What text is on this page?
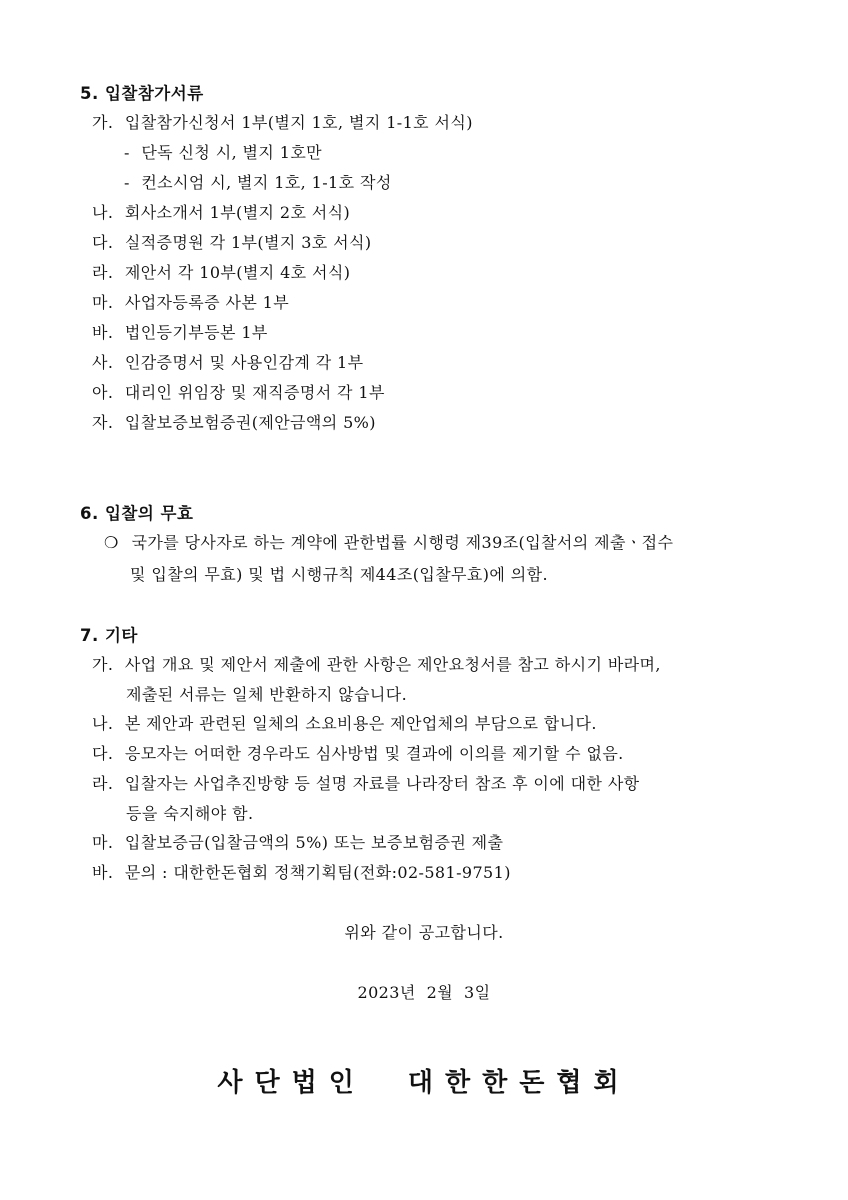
5. 입찰참가서류
가. 입찰참가신청서 1부(별지 1호, 별지 1-1호 서식)
- 단독 신청 시, 별지 1호만
- 컨소시엄 시, 별지 1호, 1-1호 작성
나. 회사소개서 1부(별지 2호 서식)
다. 실적증명원 각 1부(별지 3호 서식)
라. 제안서 각 10부(별지 4호 서식)
마. 사업자등록증 사본 1부
바. 법인등기부등본 1부
사. 인감증명서 및 사용인감계 각 1부
아. 대리인 위임장 및 재직증명서 각 1부
자. 입찰보증보험증권(제안금액의 5%)
6. 입찰의 무효
❍ 국가를 당사자로 하는 계약에 관한법률 시행령 제39조(입찰서의 제출ㆍ접수
및 입찰의 무효) 및 법 시행규칙 제44조(입찰무효)에 의함.
7. 기타
가. 사업 개요 및 제안서 제출에 관한 사항은 제안요청서를 참고 하시기 바라며,
제출된 서류는 일체 반환하지 않습니다.
나. 본 제안과 관련된 일체의 소요비용은 제안업체의 부담으로 합니다.
다. 응모자는 어떠한 경우라도 심사방법 및 결과에 이의를 제기할 수 없음.
라. 입찰자는 사업추진방향 등 설명 자료를 나라장터 참조 후 이에 대한 사항
등을 숙지해야 함.
마. 입찰보증금(입찰금액의 5%) 또는 보증보험증권 제출
바. 문의 : 대한한돈협회 정책기획팀(전화:02-581-9751)
위와 같이 공고합니다.
2023년  2월  3일
사단법인  대한한돈협회
